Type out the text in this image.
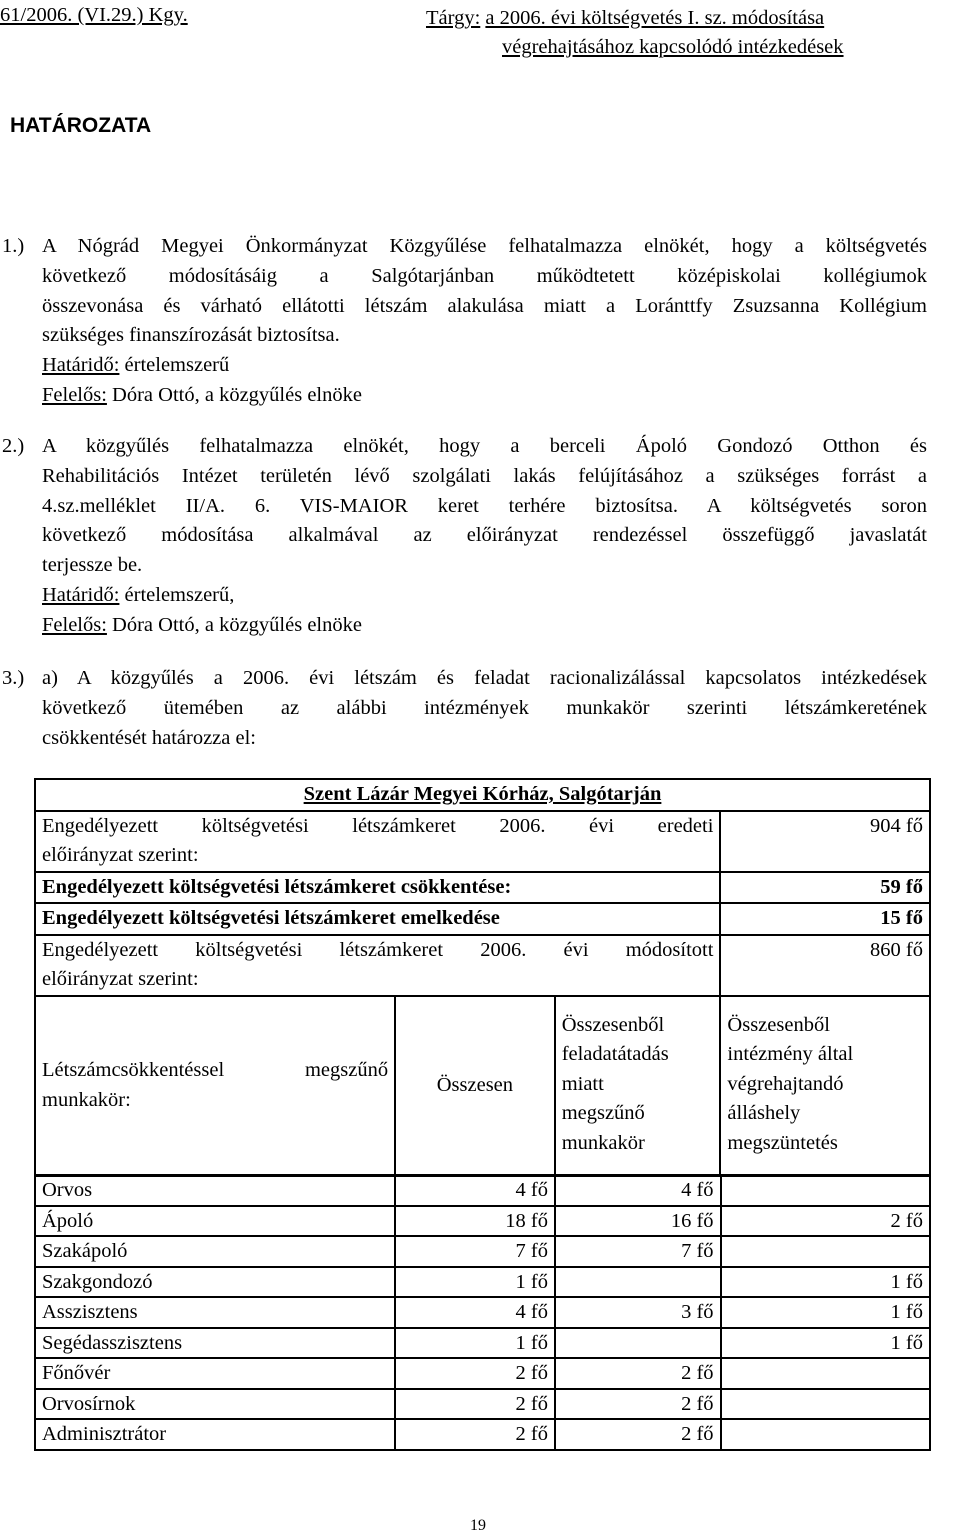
61/2006. (VI.29.) Kgy.	Tárgy: a 2006. évi költségvetés I. sz. módosítása
végrehajtásához kapcsolódó intézkedések
HATÁROZATA
1.) A Nógrád Megyei Önkormányzat Közgyűlése felhatalmazza elnökét, hogy a költségvetés
következő módosításáig a Salgótarjánban működtetett középiskolai kollégiumok
összevonása és várható ellátotti létszám alakulása miatt a Loránttfy Zsuzsanna Kollégium
szükséges finanszírozását biztosítsa.
Határidő: értelemszerű
Felelős: Dóra Ottó, a közgyűlés elnöke
2.) A közgyűlés felhatalmazza elnökét, hogy a berceli Ápoló Gondozó Otthon és
Rehabilitációs Intézet területén lévő szolgálati lakás felújításához a szükséges forrást a
4.sz.melléklet II/A. 6. VIS-MAIOR keret terhére biztosítsa. A költségvetés soron
következő módosítása alkalmával az előirányzat rendezéssel összefüggő javaslatát
terjessze be.
Határidő: értelemszerű,
Felelős: Dóra Ottó, a közgyűlés elnöke
3.) a) A közgyűlés a 2006. évi létszám és feladat racionalizálással kapcsolatos intézkedések
következő ütemében az alábbi intézmények munkakör szerinti létszámkeretének
csökkentését határozza el:
Szent Lázár Megyei Kórház, Salgótarján			

Engedélyezett költségvetési létszámkeret 2006. évi eredeti
előirányzat szerint:			904 fő
Engedélyezett költségvetési létszámkeret csökkentése:			59 fő
Engedélyezett költségvetési létszámkeret emelkedése			15 fő

Engedélyezett költségvetési létszámkeret 2006. évi módosított
előirányzat szerint:			860 fő

Létszámcsökkentéssel megszűnő
munkakör:	Összesen	Összesenből
feladatátadás
miatt
megszűnő
munkakör	Összesenből
intézmény által
végrehajtandó
álláshely
megszüntetés
Orvos	4 fő	4 fő	
Ápoló	18 fő	16 fő	2 fő
Szakápoló	7 fő	7 fő	
Szakgondozó	1 fő		1 fő
Asszisztens	4 fő	3 fő	1 fő
Segédasszisztens	1 fő		1 fő
Főnővér	2 fő	2 fő	
Orvosírnok	2 fő	2 fő	
Adminisztrátor	2 fő	2 fő	
19
